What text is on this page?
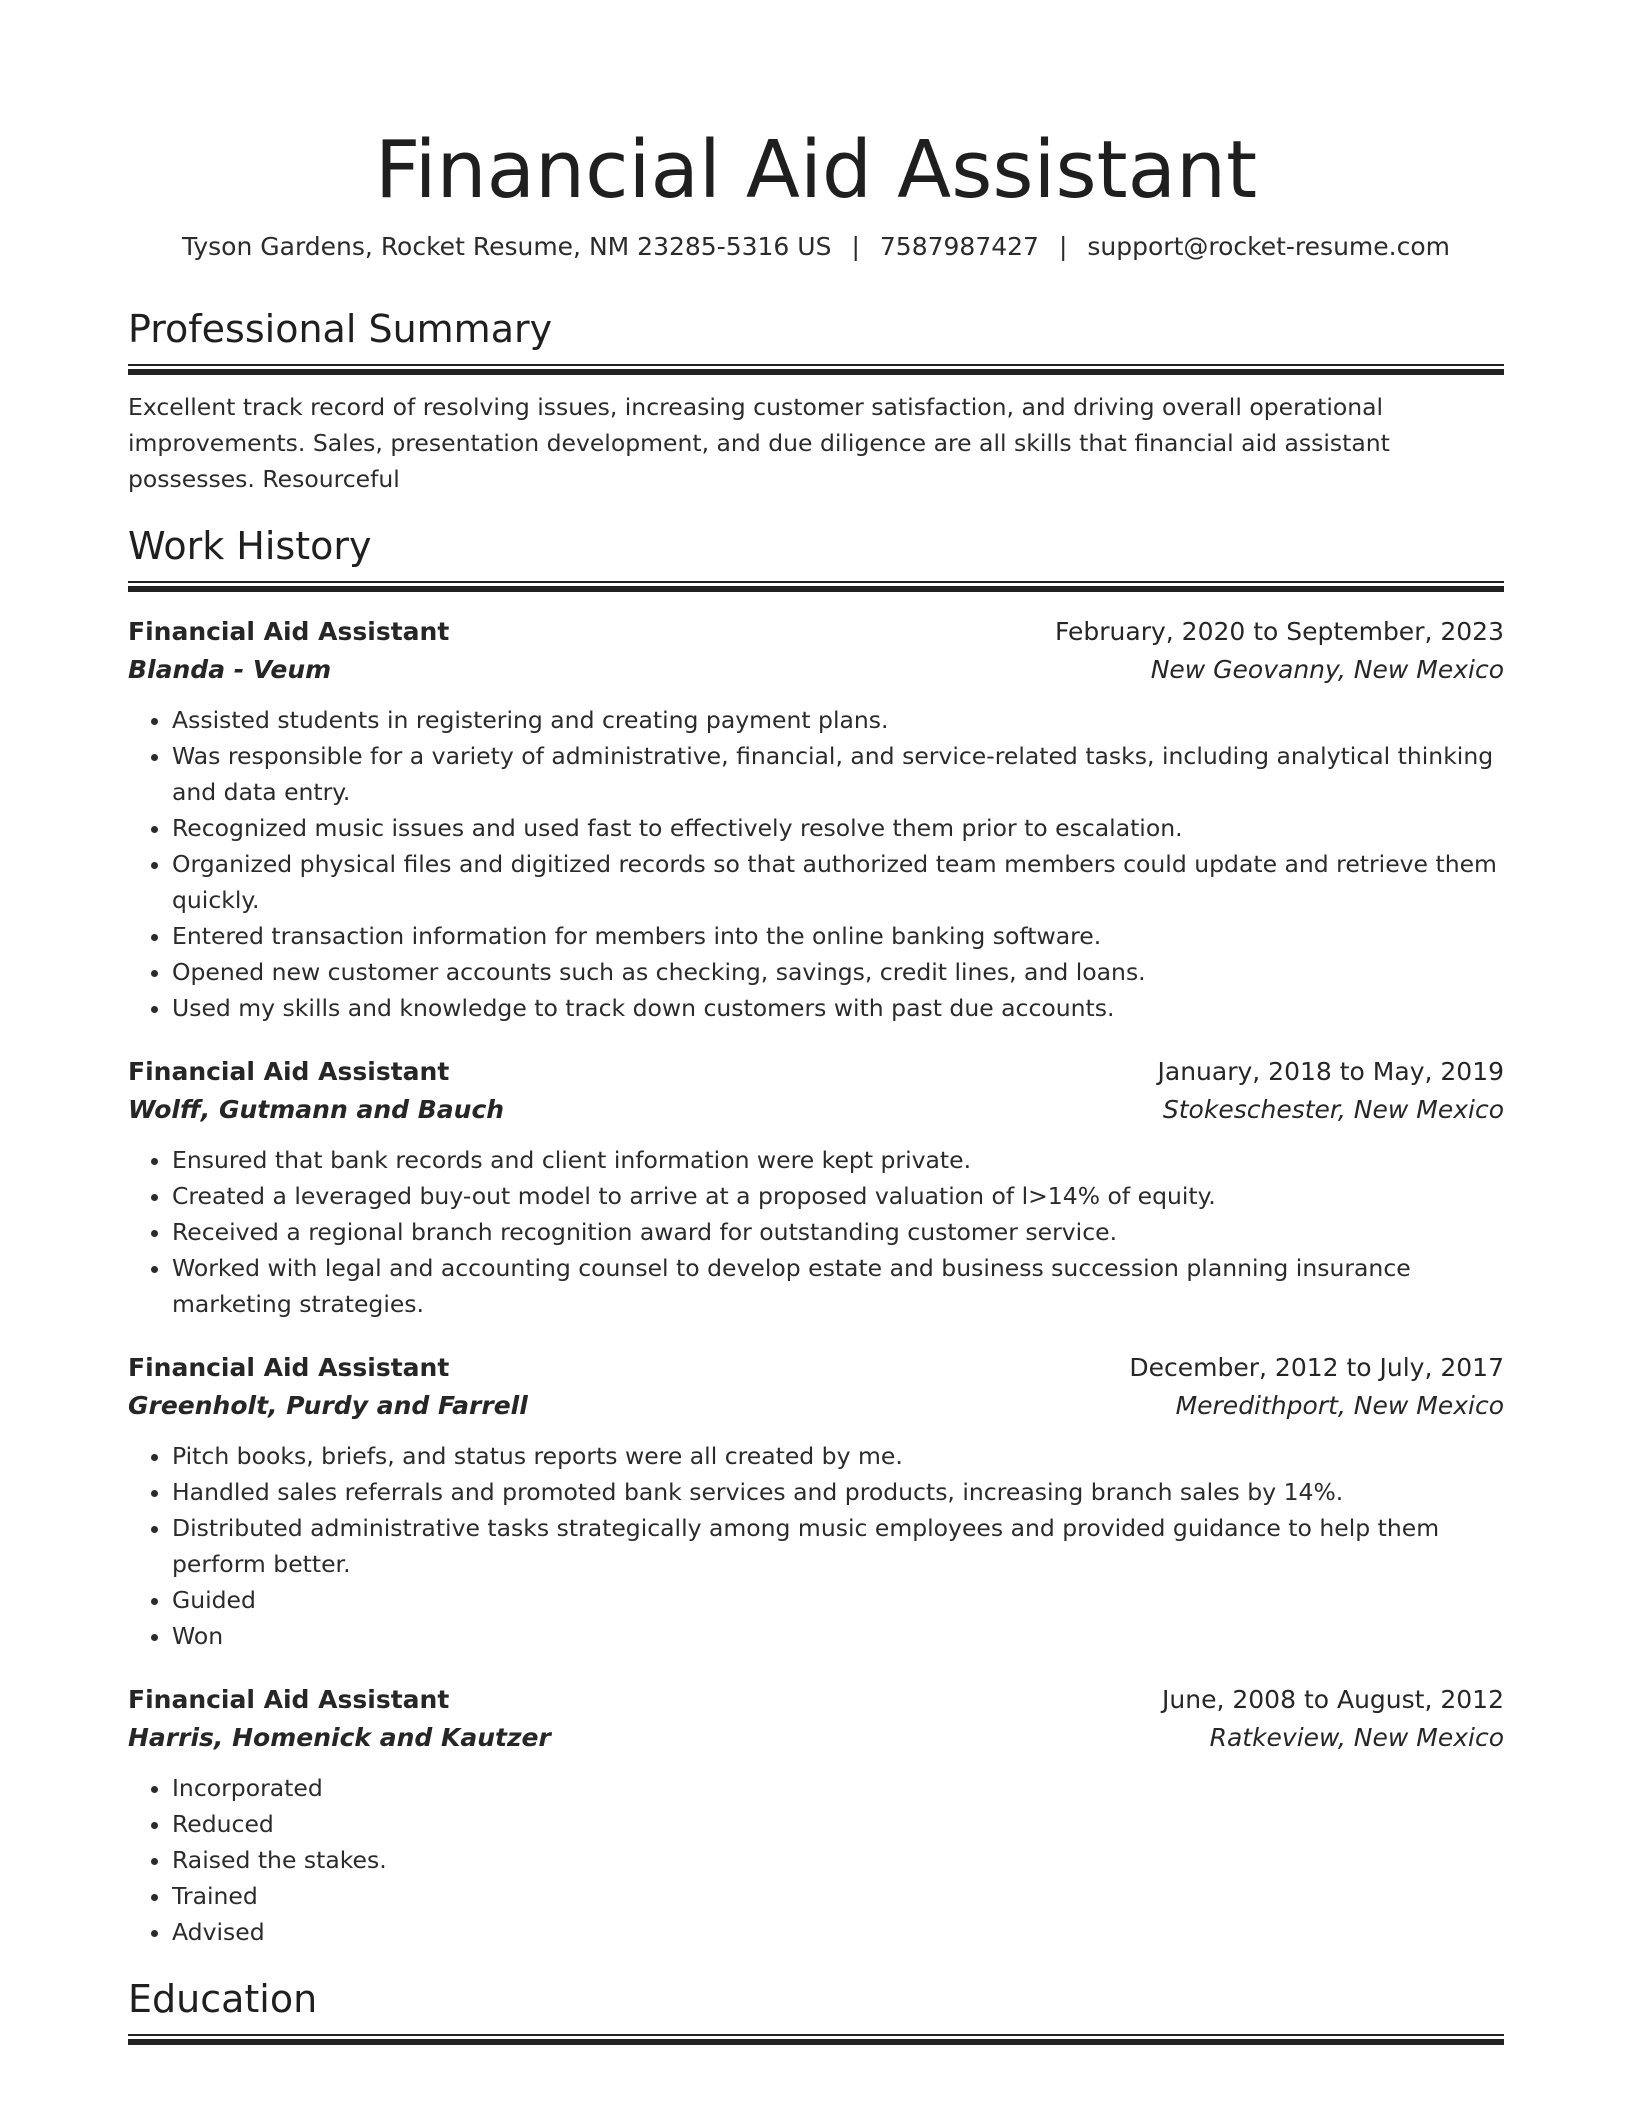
Financial Aid Assistant
Tyson Gardens, Rocket Resume, NM 23285-5316 US | 7587987427 | support@rocket-resume.com
Professional Summary
Excellent track record of resolving issues, increasing customer satisfaction, and driving overall operational improvements. Sales, presentation development, and due diligence are all skills that financial aid assistant possesses. Resourceful
Work History
Financial Aid Assistant	February, 2020 to September, 2023
Blanda - Veum	New Geovanny, New Mexico
• Assisted students in registering and creating payment plans.
• Was responsible for a variety of administrative, financial, and service-related tasks, including analytical thinking and data entry.
• Recognized music issues and used fast to effectively resolve them prior to escalation.
• Organized physical files and digitized records so that authorized team members could update and retrieve them quickly.
• Entered transaction information for members into the online banking software.
• Opened new customer accounts such as checking, savings, credit lines, and loans.
• Used my skills and knowledge to track down customers with past due accounts.
Financial Aid Assistant	January, 2018 to May, 2019
Wolff, Gutmann and Bauch	Stokeschester, New Mexico
• Ensured that bank records and client information were kept private.
• Created a leveraged buy-out model to arrive at a proposed valuation of l>14% of equity.
• Received a regional branch recognition award for outstanding customer service.
• Worked with legal and accounting counsel to develop estate and business succession planning insurance marketing strategies.
Financial Aid Assistant	December, 2012 to July, 2017
Greenholt, Purdy and Farrell	Meredithport, New Mexico
• Pitch books, briefs, and status reports were all created by me.
• Handled sales referrals and promoted bank services and products, increasing branch sales by 14%.
• Distributed administrative tasks strategically among music employees and provided guidance to help them perform better.
• Guided
• Won
Financial Aid Assistant	June, 2008 to August, 2012
Harris, Homenick and Kautzer	Ratkeview, New Mexico
• Incorporated
• Reduced
• Raised the stakes.
• Trained
• Advised
Education
